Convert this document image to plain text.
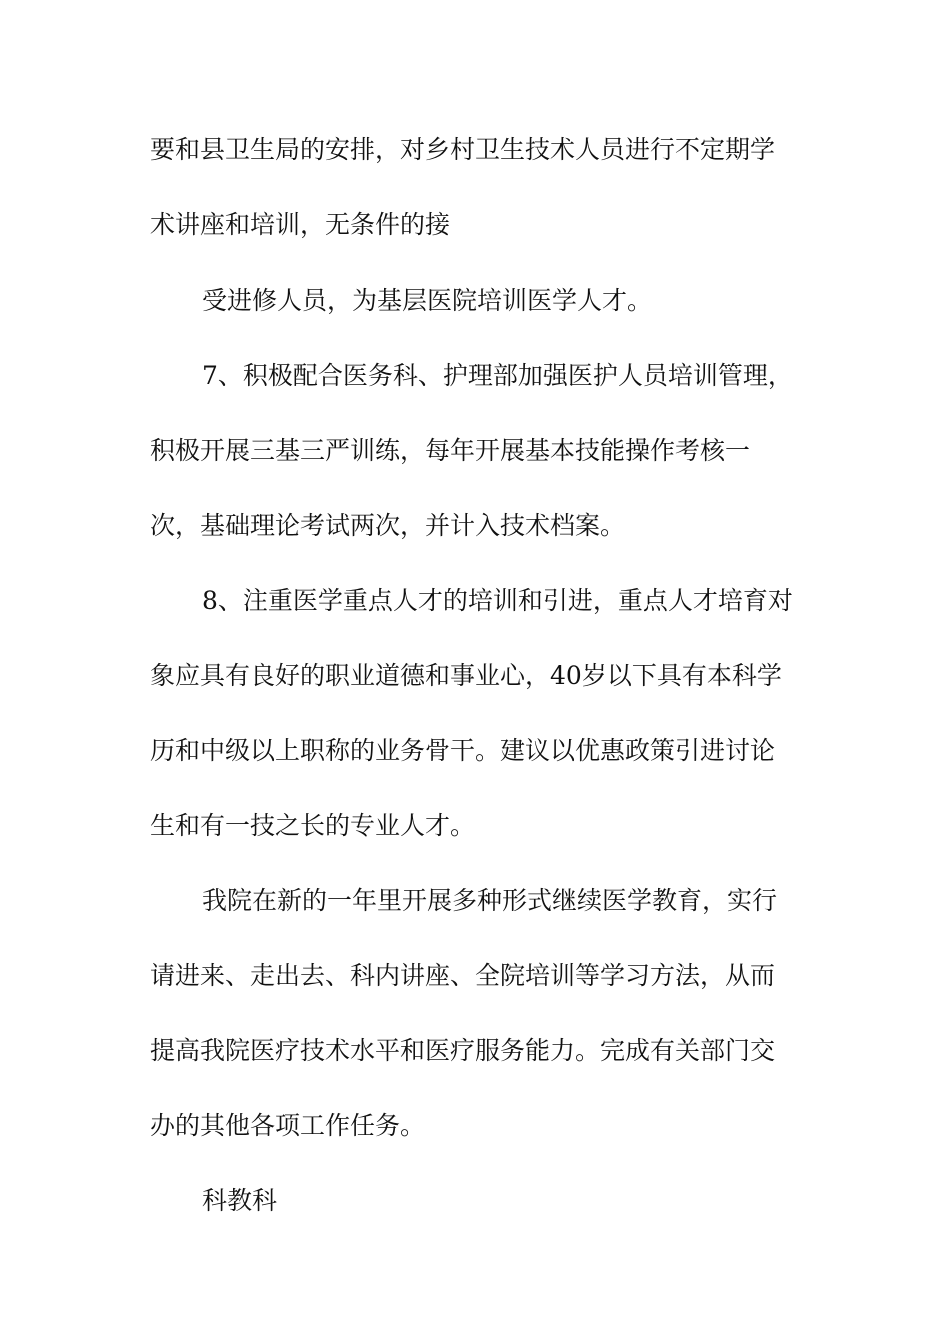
要和县卫生局的安排，对乡村卫生技术人员进行不定期学

术讲座和培训，无条件的接

受进修人员，为基层医院培训医学人才。

7、积极配合医务科、护理部加强医护人员培训管理，

积极开展三基三严训练，每年开展基本技能操作考核一

次，基础理论考试两次，并计入技术档案。

8、注重医学重点人才的培训和引进，重点人才培育对

象应具有良好的职业道德和事业心，40岁以下具有本科学

历和中级以上职称的业务骨干。建议以优惠政策引进讨论

生和有一技之长的专业人才。

我院在新的一年里开展多种形式继续医学教育，实行

请进来、走出去、科内讲座、全院培训等学习方法，从而

提高我院医疗技术水平和医疗服务能力。完成有关部门交

办的其他各项工作任务。

科教科
